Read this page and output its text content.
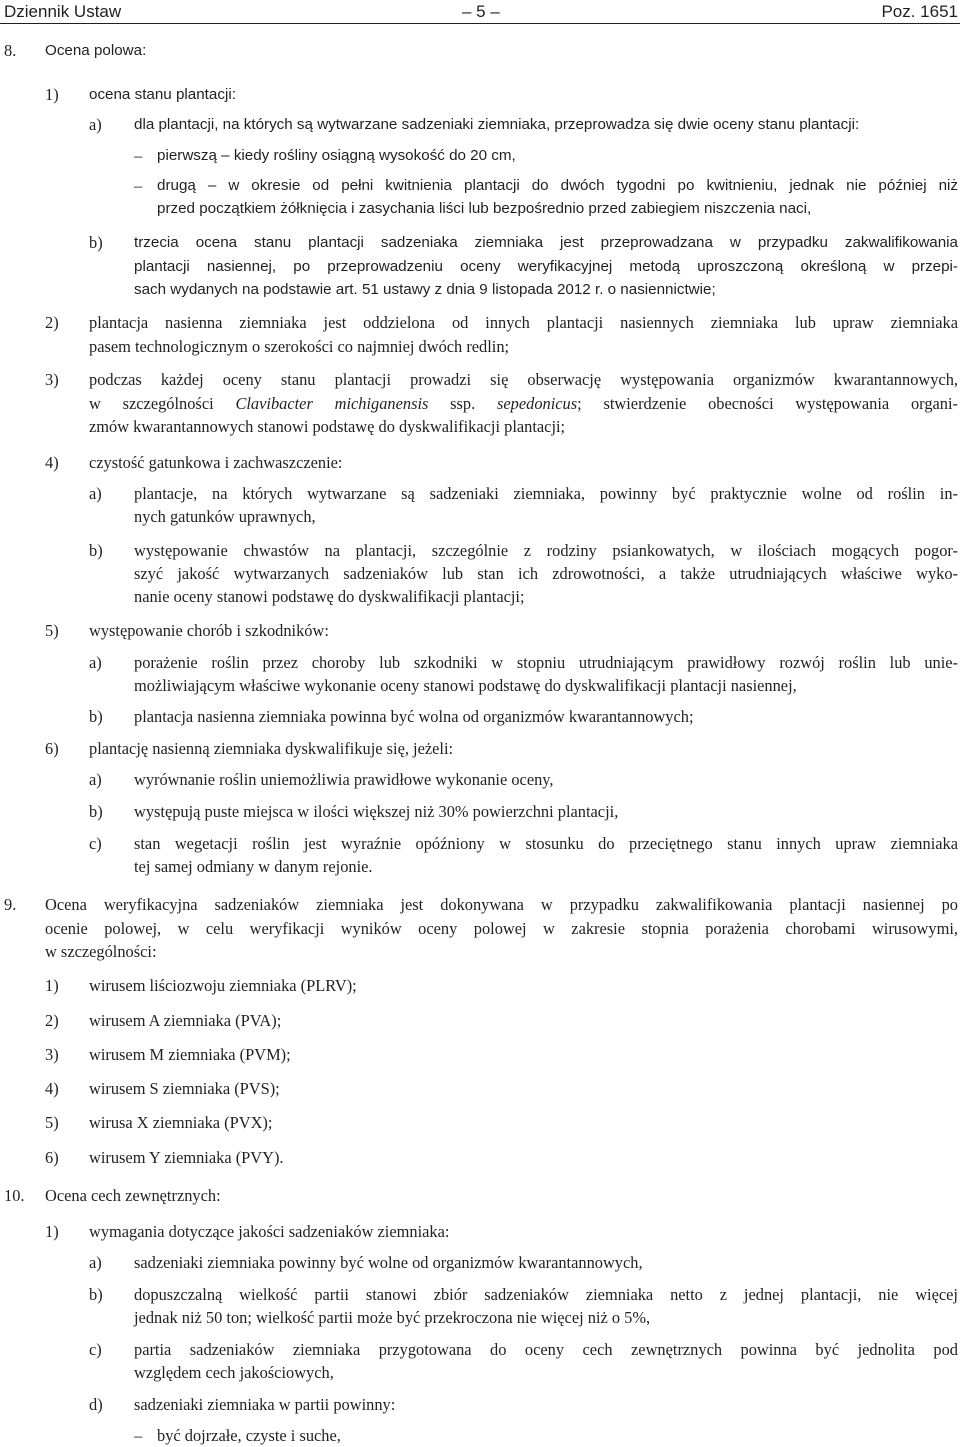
Dziennik Ustaw	– 5 –	Poz. 1651
8. Ocena polowa:
1) ocena stanu plantacji:
a) dla plantacji, na których są wytwarzane sadzeniaki ziemniaka, przeprowadza się dwie oceny stanu plantacji:
– pierwszą – kiedy rośliny osiągną wysokość do 20 cm,
– drugą – w okresie od pełni kwitnienia plantacji do dwóch tygodni po kwitnieniu, jednak nie później niż
przed początkiem żółknięcia i zasychania liści lub bezpośrednio przed zabiegiem niszczenia naci,
b) trzecia ocena stanu plantacji sadzeniaka ziemniaka jest przeprowadzana w przypadku zakwalifikowania
plantacji nasiennej, po przeprowadzeniu oceny weryfikacyjnej metodą uproszczoną określoną w przepi-
sach wydanych na podstawie art. 51 ustawy z dnia 9 listopada 2012 r. o nasiennictwie;
2) plantacja nasienna ziemniaka jest oddzielona od innych plantacji nasiennych ziemniaka lub upraw ziemniaka
pasem technologicznym o szerokości co najmniej dwóch redlin;
3) podczas każdej oceny stanu plantacji prowadzi się obserwację występowania organizmów kwarantannowych,
w szczególności Clavibacter michiganensis ssp. sepedonicus; stwierdzenie obecności występowania organi-
zmów kwarantannowych stanowi podstawę do dyskwalifikacji plantacji;
4) czystość gatunkowa i zachwaszczenie:
a) plantacje, na których wytwarzane są sadzeniaki ziemniaka, powinny być praktycznie wolne od roślin in-
nych gatunków uprawnych,
b) występowanie chwastów na plantacji, szczególnie z rodziny psiankowatych, w ilościach mogących pogor-
szyć jakość wytwarzanych sadzeniaków lub stan ich zdrowotności, a także utrudniających właściwe wyko-
nanie oceny stanowi podstawę do dyskwalifikacji plantacji;
5) występowanie chorób i szkodników:
a) porażenie roślin przez choroby lub szkodniki w stopniu utrudniającym prawidłowy rozwój roślin lub unie-
możliwiającym właściwe wykonanie oceny stanowi podstawę do dyskwalifikacji plantacji nasiennej,
b) plantacja nasienna ziemniaka powinna być wolna od organizmów kwarantannowych;
6) plantację nasienną ziemniaka dyskwalifikuje się, jeżeli:
a) wyrównanie roślin uniemożliwia prawidłowe wykonanie oceny,
b) występują puste miejsca w ilości większej niż 30% powierzchni plantacji,
c) stan wegetacji roślin jest wyraźnie opóźniony w stosunku do przeciętnego stanu innych upraw ziemniaka
tej samej odmiany w danym rejonie.
9. Ocena weryfikacyjna sadzeniaków ziemniaka jest dokonywana w przypadku zakwalifikowania plantacji nasiennej po
ocenie polowej, w celu weryfikacji wyników oceny polowej w zakresie stopnia porażenia chorobami wirusowymi,
w szczególności:
1) wirusem liściozwoju ziemniaka (PLRV);
2) wirusem A ziemniaka (PVA);
3) wirusem M ziemniaka (PVM);
4) wirusem S ziemniaka (PVS);
5) wirusa X ziemniaka (PVX);
6) wirusem Y ziemniaka (PVY).
10. Ocena cech zewnętrznych:
1) wymagania dotyczące jakości sadzeniaków ziemniaka:
a) sadzeniaki ziemniaka powinny być wolne od organizmów kwarantannowych,
b) dopuszczalną wielkość partii stanowi zbiór sadzeniaków ziemniaka netto z jednej plantacji, nie więcej
jednak niż 50 ton; wielkość partii może być przekroczona nie więcej niż o 5%,
c) partia sadzeniaków ziemniaka przygotowana do oceny cech zewnętrznych powinna być jednolita pod
względem cech jakościowych,
d) sadzeniaki ziemniaka w partii powinny:
– być dojrzałe, czyste i suche,
